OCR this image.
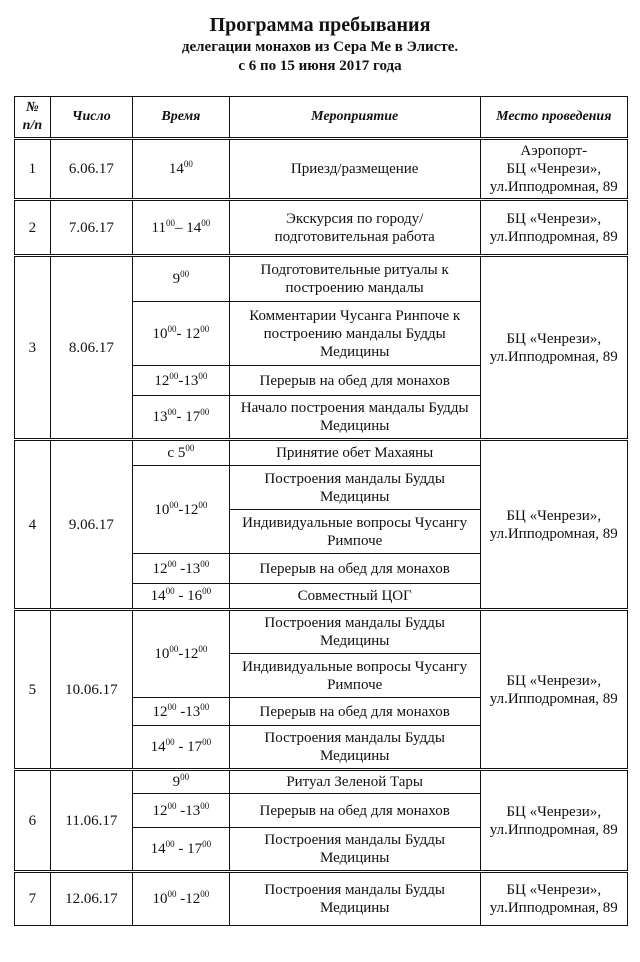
Программа пребывания
делегации монахов из Сера Ме в Элисте.
с 6 по 15 июня 2017 года
№ п/п	Число	Время	Мероприятие	Место проведения
1	6.06.17	$14^{00}$	Приезд/размещение	Аэропорт-
БЦ «Ченрези»,
ул.Ипподромная, 89
2	7.06.17	$11^{00}-$ $14^{00}$	Экскурсия по городу/ подготовительная работа	БЦ «Ченрези»,
ул.Ипподромная, 89
3	8.06.17	$9^{00}$	Подготовительные ритуалы к построению мандалы	БЦ «Ченрези»,
ул.Ипподромная, 89
		$10^{00}-$ $12^{00}$	Комментарии Чусанга Ринпоче к построению мандалы Будды Медицины	
		$12^{00}-13^{00}$	Перерыв на обед для монахов	
		$13^{00}-$ $17^{00}$	Начало построения мандалы Будды Медицины	
4	9.06.17	с $5^{00}$	Принятие обет Махаяны	БЦ «Ченрези»,
ул.Ипподромная, 89
		$10^{00}-12^{00}$	Построения мандалы Будды Медицины	
			Индивидуальные вопросы Чусангу Римпоче	
		$12^{00}$ $-13^{00}$	Перерыв на обед для монахов	
		$14^{00} - 16^{00}$	Совместный ЦОГ	
5	10.06.17	$10^{00}-12^{00}$	Построения мандалы Будды Медицины	БЦ «Ченрези»,
ул.Ипподромная, 89
			Индивидуальные вопросы Чусангу Римпоче	
		$12^{00}$ $-13^{00}$	Перерыв на обед для монахов	
		$14^{00} - 17^{00}$	Построения мандалы Будды Медицины	
6	11.06.17	$9^{00}$	Ритуал Зеленой Тары	БЦ «Ченрези»,
ул.Ипподромная, 89
		$12^{00}$ $-13^{00}$	Перерыв на обед для монахов	
		$14^{00} - 17^{00}$	Построения мандалы Будды Медицины	
7	12.06.17	$10^{00}$ $-12^{00}$	Построения мандалы Будды Медицины	БЦ «Ченрези»,
ул.Ипподромная, 89
